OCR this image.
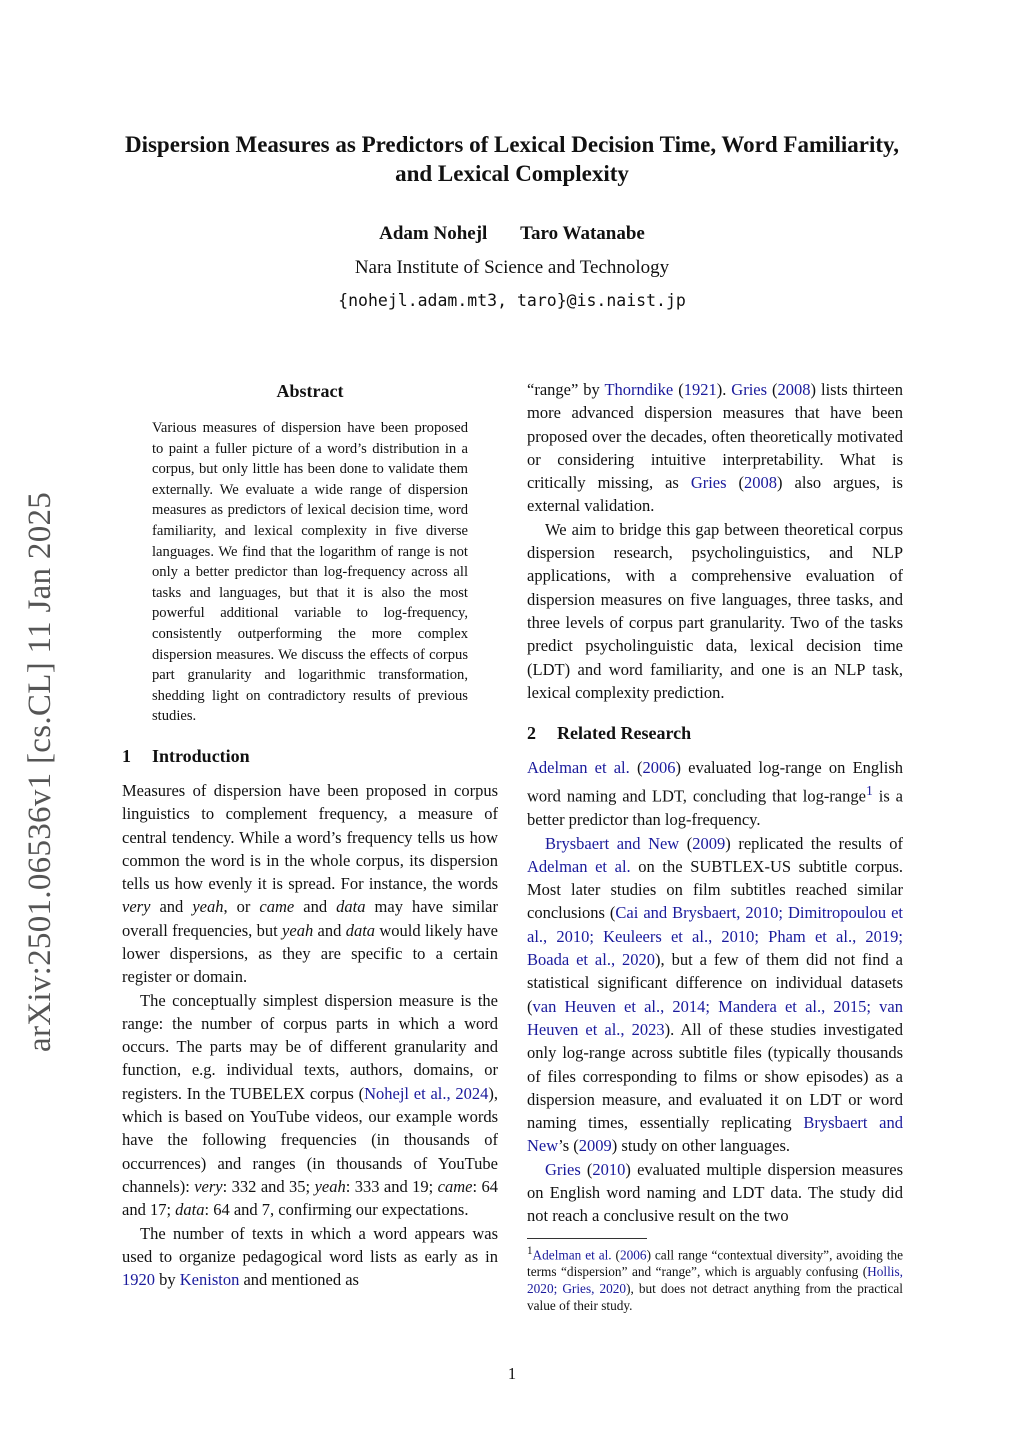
arXiv:2501.06536v1 [cs.CL] 11 Jan 2025
Dispersion Measures as Predictors of Lexical Decision Time, Word Familiarity, and Lexical Complexity
Adam Nohejl Taro Watanabe
Nara Institute of Science and Technology
{nohejl.adam.mt3, taro}@is.naist.jp
Abstract
Various measures of dispersion have been proposed to paint a fuller picture of a word’s distribution in a corpus, but only little has been done to validate them externally. We evaluate a wide range of dispersion measures as predictors of lexical decision time, word familiarity, and lexical complexity in five diverse languages. We find that the logarithm of range is not only a better predictor than log-frequency across all tasks and languages, but that it is also the most powerful additional variable to log-frequency, consistently outperforming the more complex dispersion measures. We discuss the effects of corpus part granularity and logarithmic transformation, shedding light on contradictory results of previous studies.
1 Introduction

Measures of dispersion have been proposed in corpus linguistics to complement frequency, a measure of central tendency. While a word’s frequency tells us how common the word is in the whole corpus, its dispersion tells us how evenly it is spread. For instance, the words very and yeah, or came and data may have similar overall frequencies, but yeah and data would likely have lower dispersions, as they are specific to a certain register or domain.

The conceptually simplest dispersion measure is the range: the number of corpus parts in which a word occurs. The parts may be of different granularity and function, e.g. individual texts, authors, domains, or registers. In the TUBELEX corpus (Nohejl et al., 2024), which is based on YouTube videos, our example words have the following frequencies (in thousands of occurrences) and ranges (in thousands of YouTube channels): very: 332 and 35; yeah: 333 and 19; came: 64 and 17; data: 64 and 7, confirming our expectations.

The number of texts in which a word appears was used to organize pedagogical word lists as early as in 1920 by Keniston and mentioned as

“range” by Thorndike (1921). Gries (2008) lists thirteen more advanced dispersion measures that have been proposed over the decades, often theoretically motivated or considering intuitive interpretability. What is critically missing, as Gries (2008) also argues, is external validation.

We aim to bridge this gap between theoretical corpus dispersion research, psycholinguistics, and NLP applications, with a comprehensive evaluation of dispersion measures on five languages, three tasks, and three levels of corpus part granularity. Two of the tasks predict psycholinguistic data, lexical decision time (LDT) and word familiarity, and one is an NLP task, lexical complexity prediction.

2 Related Research

Adelman et al. (2006) evaluated log-range on English word naming and LDT, concluding that log-range$^1$ is a better predictor than log-frequency.

Brysbaert and New (2009) replicated the results of Adelman et al. on the SUBTLEX-US subtitle corpus. Most later studies on film subtitles reached similar conclusions (Cai and Brysbaert, 2010; Dimitropoulou et al., 2010; Keuleers et al., 2010; Pham et al., 2019; Boada et al., 2020), but a few of them did not find a statistical significant difference on individual datasets (van Heuven et al., 2014; Mandera et al., 2015; van Heuven et al., 2023). All of these studies investigated only log-range across subtitle files (typically thousands of files corresponding to films or show episodes) as a dispersion measure, and evaluated it on LDT or word naming times, essentially replicating Brysbaert and New’s (2009) study on other languages.

Gries (2010) evaluated multiple dispersion measures on English word naming and LDT data. The study did not reach a conclusive result on the two

$^1$Adelman et al. (2006) call range “contextual diversity”, avoiding the terms “dispersion” and “range”, which is arguably confusing (Hollis, 2020; Gries, 2020), but does not detract anything from the practical value of their study.
1
